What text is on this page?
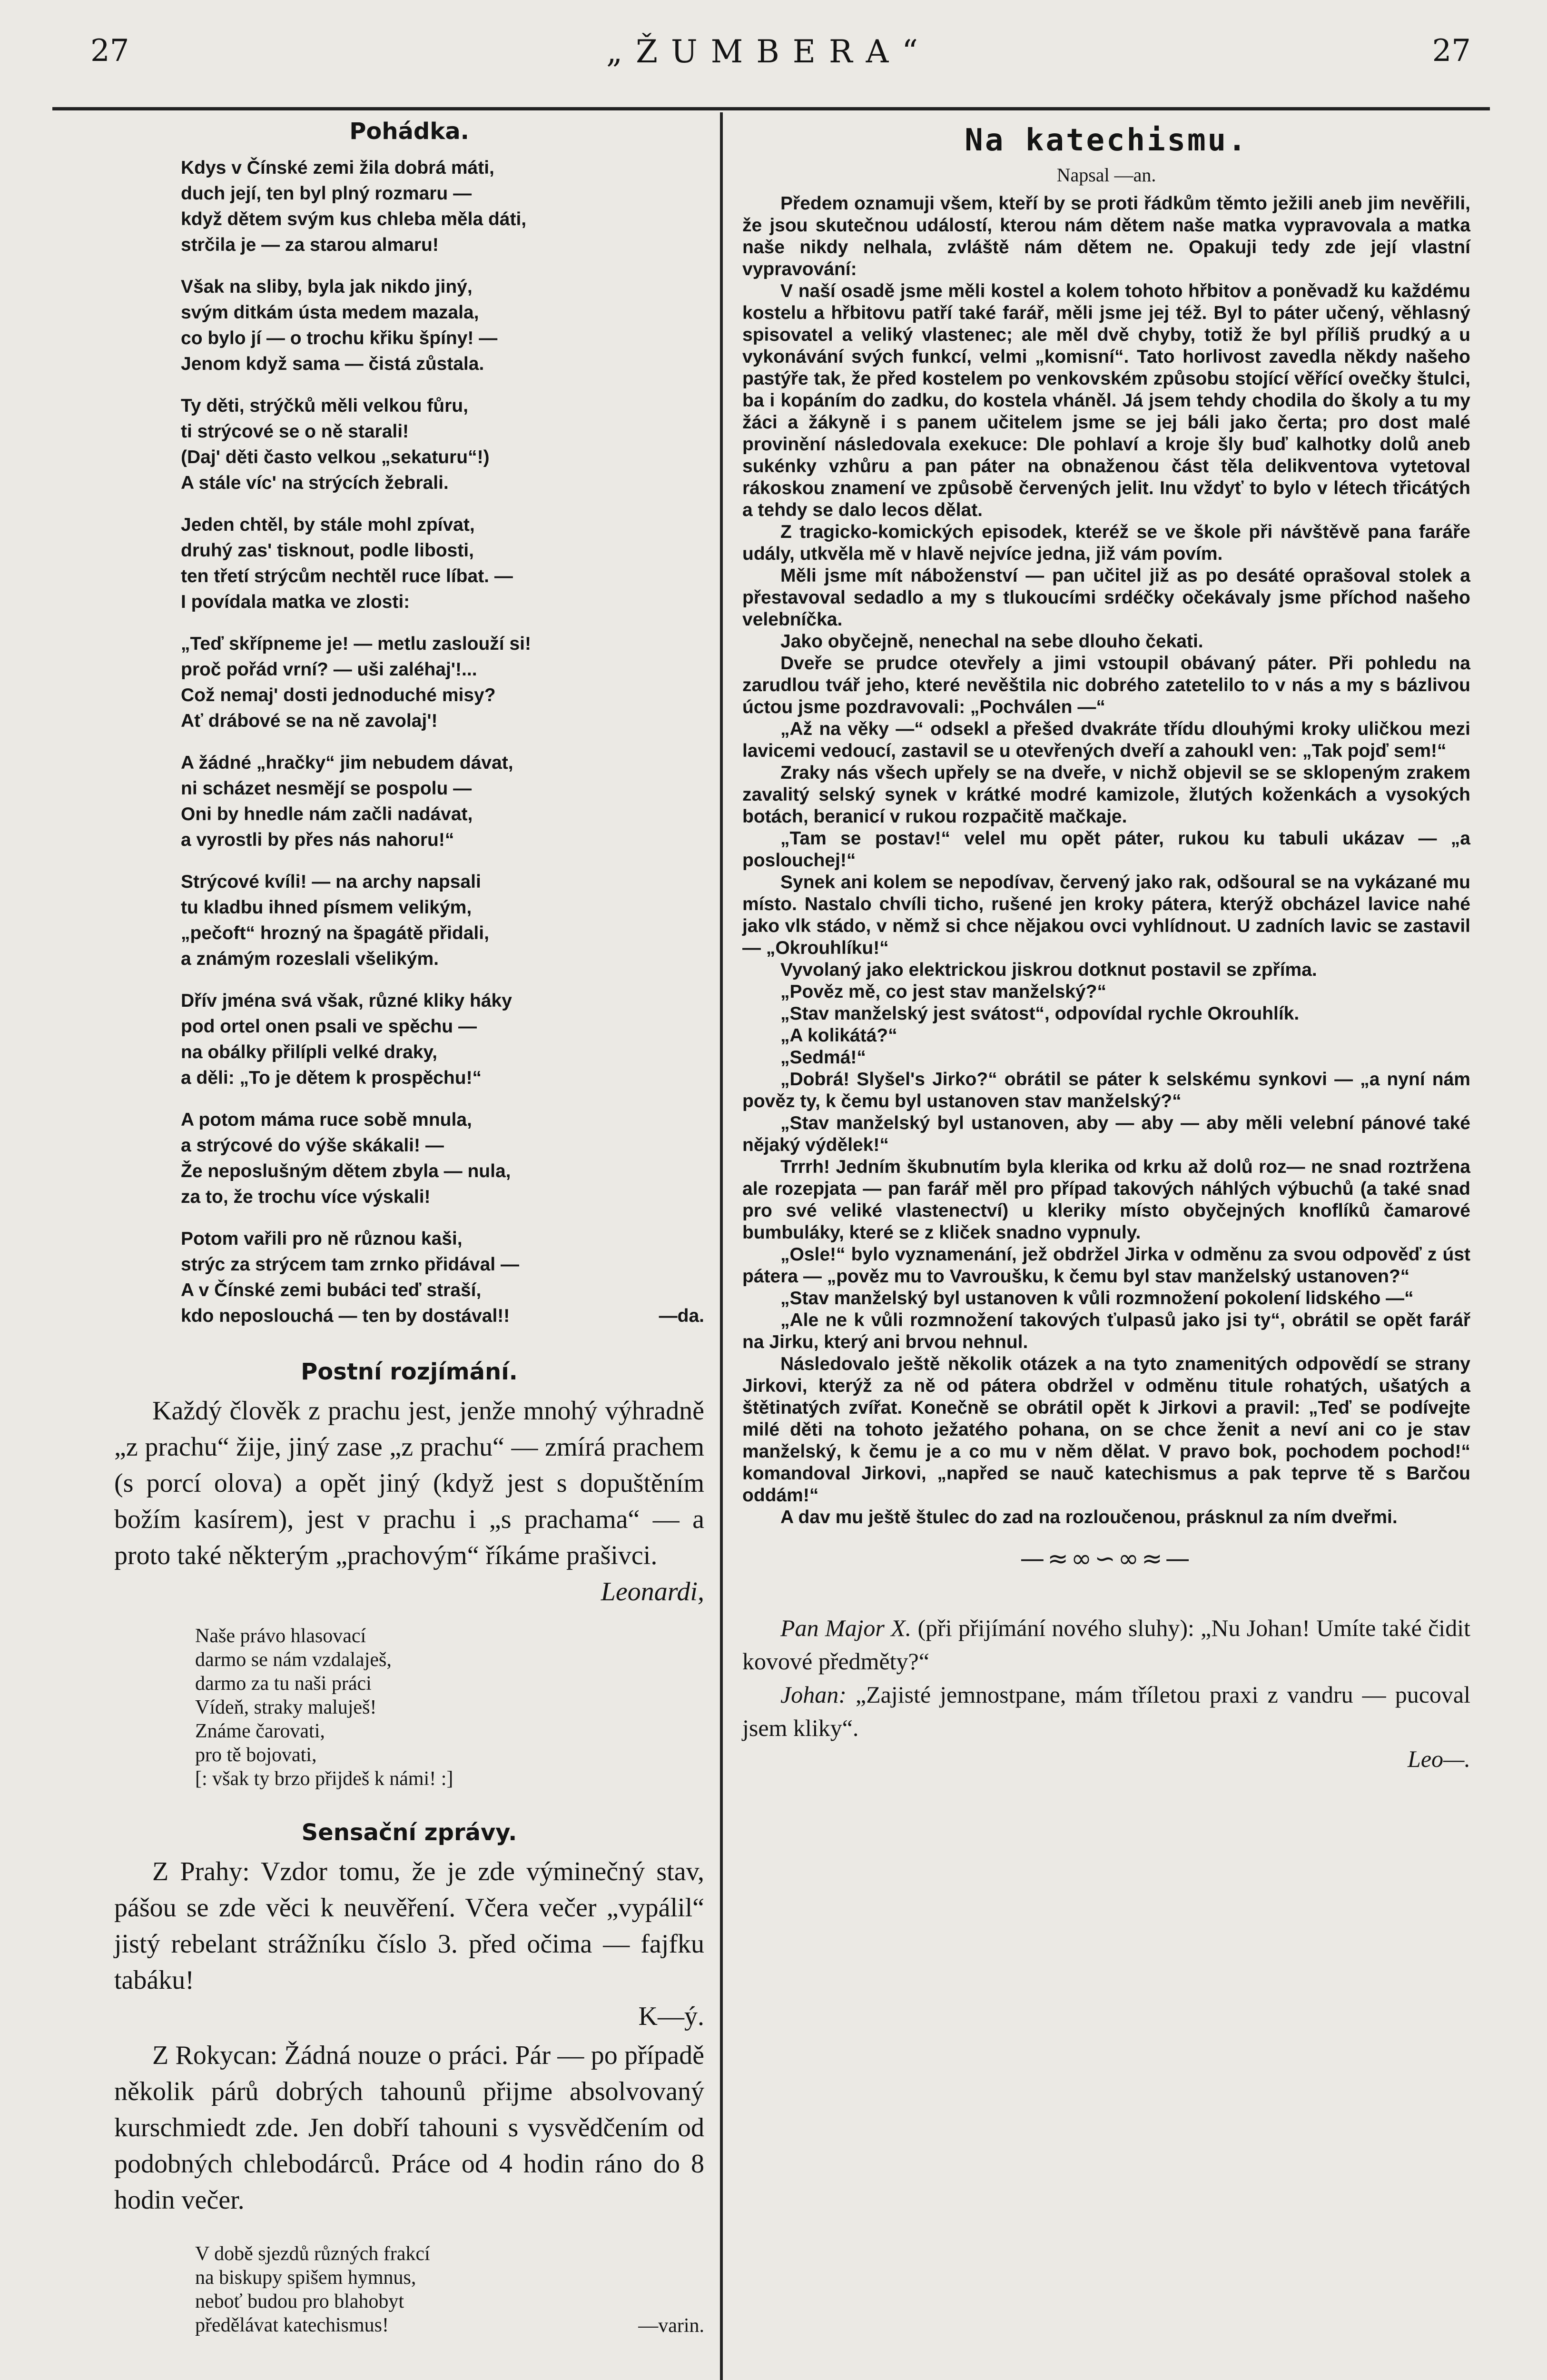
27	„ŽUMBERA“	27
Pohádka.

Kdys v Čínské zemi žila dobrá máti,
duch její, ten byl plný rozmaru —
když dětem svým kus chleba měla dáti,
strčila je — za starou almaru!

Však na sliby, byla jak nikdo jiný,
svým ditkám ústa medem mazala,
co bylo jí — o trochu křiku špíny! —
Jenom když sama — čistá zůstala.

Ty děti, strýčků měli velkou fůru,
ti strýcové se o ně starali!
(Daj' děti často velkou „sekaturu“!)
A stále víc' na strýcích žebrali.

Jeden chtěl, by stále mohl zpívat,
druhý zas' tisknout, podle libosti,
ten třetí strýcům nechtěl ruce líbat. —
I povídala matka ve zlosti:

„Teď skřípneme je! — metlu zaslouží si!
proč pořád vrní? — uši zaléhaj'!...
Což nemaj' dosti jednoduché misy?
Ať drábové se na ně zavolaj'!

A žádné „hračky“ jim nebudem dávat,
ni scházet nesmějí se pospolu —
Oni by hnedle nám začli nadávat,
a vyrostli by přes nás nahoru!“

Strýcové kvíli! — na archy napsali
tu kladbu ihned písmem velikým,
„pečoft“ hrozný na špagátě přidali,
a známým rozeslali všelikým.

Dřív jména svá však, různé kliky háky
pod ortel onen psali ve spěchu —
na obálky přilípli velké draky,
a děli: „To je dětem k prospěchu!“

A potom máma ruce sobě mnula,
a strýcové do výše skákali! —
Že neposlušným dětem zbyla — nula,
za to, že trochu více výskali!

Potom vařili pro ně různou kaši,
strýc za strýcem tam zrnko přidával —
A v Čínské zemi bubáci teď straší,
kdo neposlouchá — ten by dostával!!	—da.
Postní rozjímání.

Každý člověk z prachu jest, jenže mnohý výhradně „z prachu“ žije, jiný zase „z prachu“ — zmírá prachem (s porcí olova) a opět jiný (když jest s dopuštěním božím kasírem), jest v prachu i „s prachama“ — a proto také některým „prachovým“ říkáme prašivci.

Leonardi,

Naše právo hlasovací
darmo se nám vzdalaješ,
darmo za tu naši práci
Vídeň, straky maluješ!
Známe čarovati,
pro tě bojovati,
[: však ty brzo přijdeš k námi! :]

Sensační zprávy.

Z Prahy: Vzdor tomu, že je zde výminečný stav, pášou se zde věci k neuvěření. Včera večer „vypálil“ jistý rebelant strážníku číslo 3. před očima — fajfku tabáku!

K—ý.

Z Rokycan: Žádná nouze o práci. Pár — po případě několik párů dobrých tahounů přijme absolvovaný kurschmiedt zde. Jen dobří tahouni s vysvědčením od podobných chlebodárců. Práce od 4 hodin ráno do 8 hodin večer.

V době sjezdů různých frakcí
na biskupy spišem hymnus,
neboť budou pro blahobyt
předělávat katechismus!	—varin.
Na katechismu.
Napsal —an.

Předem oznamuji všem, kteří by se proti řádkům těmto ježili aneb jim nevěřili, že jsou skutečnou událostí, kterou nám dětem naše matka vypravovala a matka naše nikdy nelhala, zvláště nám dětem ne. Opakuji tedy zde její vlastní vypravování:

V naší osadě jsme měli kostel a kolem tohoto hřbitov a poněvadž ku každému kostelu a hřbitovu patří také farář, měli jsme jej též. Byl to páter učený, věhlasný spisovatel a veliký vlastenec; ale měl dvě chyby, totiž že byl příliš prudký a u vykonávání svých funkcí, velmi „komisní“. Tato horlivost zavedla někdy našeho pastýře tak, že před kostelem po venkovském způsobu stojící věřící ovečky štulci, ba i kopáním do zadku, do kostela vháněl. Já jsem tehdy chodila do školy a tu my žáci a žákyně i s panem učitelem jsme se jej báli jako čerta; pro dost malé provinění následovala exekuce: Dle pohlaví a kroje šly buď kalhotky dolů aneb sukénky vzhůru a pan páter na obnaženou část těla delikventova vytetoval rákoskou znamení ve způsobě červených jelit. Inu vždyť to bylo v létech třicátých a tehdy se dalo lecos dělat.

Z tragicko-komických episodek, kteréž se ve škole při návštěvě pana faráře udály, utkvěla mě v hlavě nejvíce jedna, již vám povím.

Měli jsme mít náboženství — pan učitel již as po desáté oprašoval stolek a přestavoval sedadlo a my s tlukoucími srdéčky očekávaly jsme příchod našeho velebníčka.

Jako obyčejně, nenechal na sebe dlouho čekati.

Dveře se prudce otevřely a jimi vstoupil obávaný páter. Při pohledu na zarudlou tvář jeho, které nevěštila nic dobrého zatetelilo to v nás a my s bázlivou úctou jsme pozdravovali: „Pochválen —“

„Až na věky —“ odsekl a přešed dvakráte třídu dlouhými kroky uličkou mezi lavicemi vedoucí, zastavil se u otevřených dveří a zahoukl ven: „Tak pojď sem!“

Zraky nás všech upřely se na dveře, v nichž objevil se se sklopeným zrakem zavalitý selský synek v krátké modré kamizole, žlutých koženkách a vysokých botách, beranicí v rukou rozpačitě mačkaje.

„Tam se postav!“ velel mu opět páter, rukou ku tabuli ukázav — „a poslouchej!“

Synek ani kolem se nepodívav, červený jako rak, odšoural se na vykázané mu místo. Nastalo chvíli ticho, rušené jen kroky pátera, kterýž obcházel lavice nahé jako vlk stádo, v němž si chce nějakou ovci vyhlídnout. U zadních lavic se zastavil — „Okrouhlíku!“

Vyvolaný jako elektrickou jiskrou dotknut postavil se zpříma.

„Pověz mě, co jest stav manželský?“

„Stav manželský jest svátost“, odpovídal rychle Okrouhlík.

„A kolikátá?“

„Sedmá!“

„Dobrá! Slyšel's Jirko?“ obrátil se páter k selskému synkovi — „a nyní nám pověz ty, k čemu byl ustanoven stav manželský?“

„Stav manželský byl ustanoven, aby — aby — aby měli velební pánové také nějaký výdělek!“

Trrrh! Jedním škubnutím byla klerika od krku až dolů roz— ne snad roztržena ale rozepjata — pan farář měl pro případ takových náhlých výbuchů (a také snad pro své veliké vlastenectví) u kleriky místo obyčejných knoflíků čamarové bumbuláky, které se z kliček snadno vypnuly.

„Osle!“ bylo vyznamenání, jež obdržel Jirka v odměnu za svou odpověď z úst pátera — „pověz mu to Vavroušku, k čemu byl stav manželský ustanoven?“

„Stav manželský byl ustanoven k vůli rozmnožení pokolení lidského —“

„Ale ne k vůli rozmnožení takových ťulpasů jako jsi ty“, obrátil se opět farář na Jirku, který ani brvou nehnul.

Následovalo ještě několik otázek a na tyto znamenitých odpovědí se strany Jirkovi, kterýž za ně od pátera obdržel v odměnu titule rohatých, ušatých a štětinatých zvířat. Konečně se obrátil opět k Jirkovi a pravil: „Teď se podívejte milé děti na tohoto ježatého pohana, on se chce ženit a neví ani co je stav manželský, k čemu je a co mu v něm dělat. V pravo bok, pochodem pochod!“ komandoval Jirkovi, „napřed se nauč katechismus a pak teprve tě s Barčou oddám!“

A dav mu ještě štulec do zad na rozloučenou, prásknul za ním dveřmi.

—≈∞∽∞≈—

Pan Major X. (při přijímání nového sluhy): „Nu Johan! Umíte také čidit kovové předměty?“

Johan: „Zajisté jemnostpane, mám tříletou praxi z vandru — pucoval jsem kliky“.

Leo—.
